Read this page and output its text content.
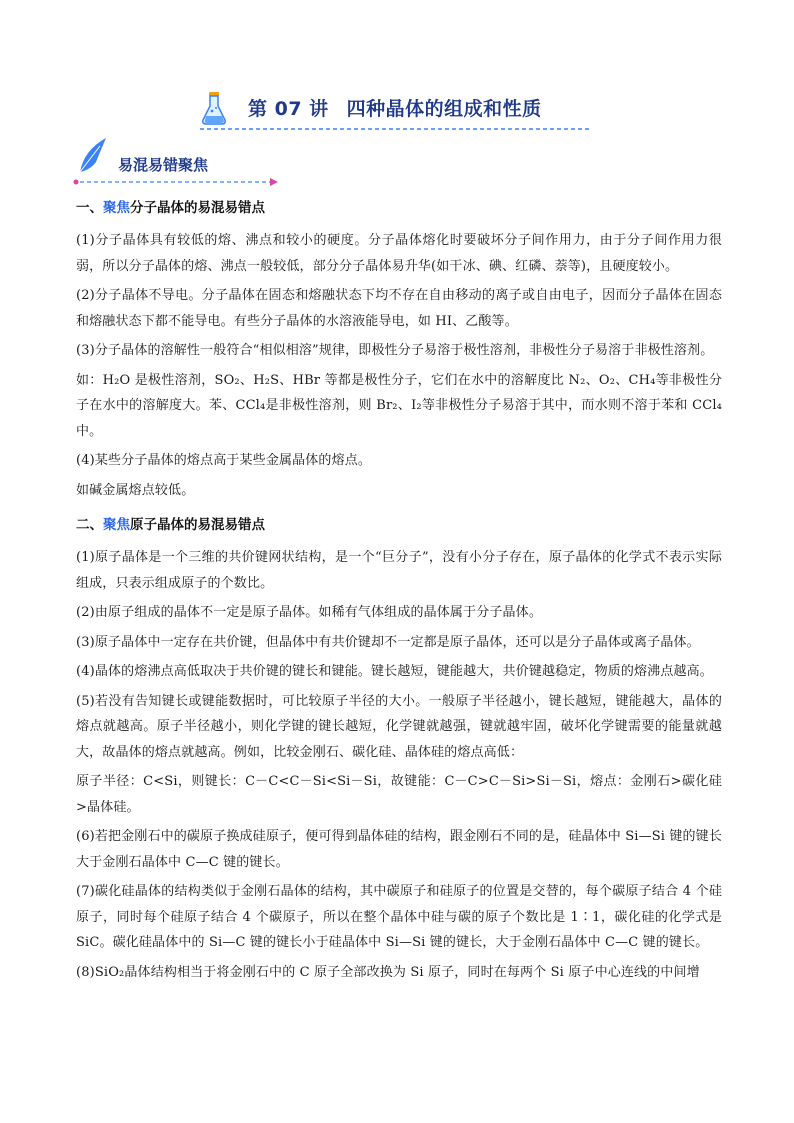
第 07 讲 四种晶体的组成和性质
易混易错聚焦
一、聚焦分子晶体的易混易错点

(1)分子晶体具有较低的熔、沸点和较小的硬度。分子晶体熔化时要破坏分子间作用力，由于分子间作用力很弱，所以分子晶体的熔、沸点一般较低，部分分子晶体易升华(如干冰、碘、红磷、萘等)，且硬度较小。

(2)分子晶体不导电。分子晶体在固态和熔融状态下均不存在自由移动的离子或自由电子，因而分子晶体在固态和熔融状态下都不能导电。有些分子晶体的水溶液能导电，如 HI、乙酸等。

(3)分子晶体的溶解性一般符合“相似相溶”规律，即极性分子易溶于极性溶剂，非极性分子易溶于非极性溶剂。

如：H₂O 是极性溶剂，SO₂、H₂S、HBr 等都是极性分子，它们在水中的溶解度比 N₂、O₂、CH₄等非极性分子在水中的溶解度大。苯、CCl₄是非极性溶剂，则 Br₂、I₂等非极性分子易溶于其中，而水则不溶于苯和 CCl₄中。

(4)某些分子晶体的熔点高于某些金属晶体的熔点。

如碱金属熔点较低。

二、聚焦原子晶体的易混易错点

(1)原子晶体是一个三维的共价键网状结构，是一个“巨分子”，没有小分子存在，原子晶体的化学式不表示实际组成，只表示组成原子的个数比。

(2)由原子组成的晶体不一定是原子晶体。如稀有气体组成的晶体属于分子晶体。

(3)原子晶体中一定存在共价键，但晶体中有共价键却不一定都是原子晶体，还可以是分子晶体或离子晶体。

(4)晶体的熔沸点高低取决于共价键的键长和键能。键长越短，键能越大，共价键越稳定，物质的熔沸点越高。

(5)若没有告知键长或键能数据时，可比较原子半径的大小。一般原子半径越小，键长越短，键能越大，晶体的熔点就越高。原子半径越小，则化学键的键长越短，化学键就越强，键就越牢固，破坏化学键需要的能量就越大，故晶体的熔点就越高。例如，比较金刚石、碳化硅、晶体硅的熔点高低：

原子半径：C<Si，则键长：C－C<C－Si<Si－Si，故键能：C－C>C－Si>Si－Si，熔点：金刚石>碳化硅>晶体硅。

(6)若把金刚石中的碳原子换成硅原子，便可得到晶体硅的结构，跟金刚石不同的是，硅晶体中 Si—Si 键的键长大于金刚石晶体中 C—C 键的键长。

(7)碳化硅晶体的结构类似于金刚石晶体的结构，其中碳原子和硅原子的位置是交替的，每个碳原子结合 4 个硅原子，同时每个硅原子结合 4 个碳原子，所以在整个晶体中硅与碳的原子个数比是 1∶1，碳化硅的化学式是 SiC。碳化硅晶体中的 Si—C 键的键长小于硅晶体中 Si—Si 键的键长，大于金刚石晶体中 C—C 键的键长。

(8)SiO₂晶体结构相当于将金刚石中的 C 原子全部改换为 Si 原子，同时在每两个 Si 原子中心连线的中间增
